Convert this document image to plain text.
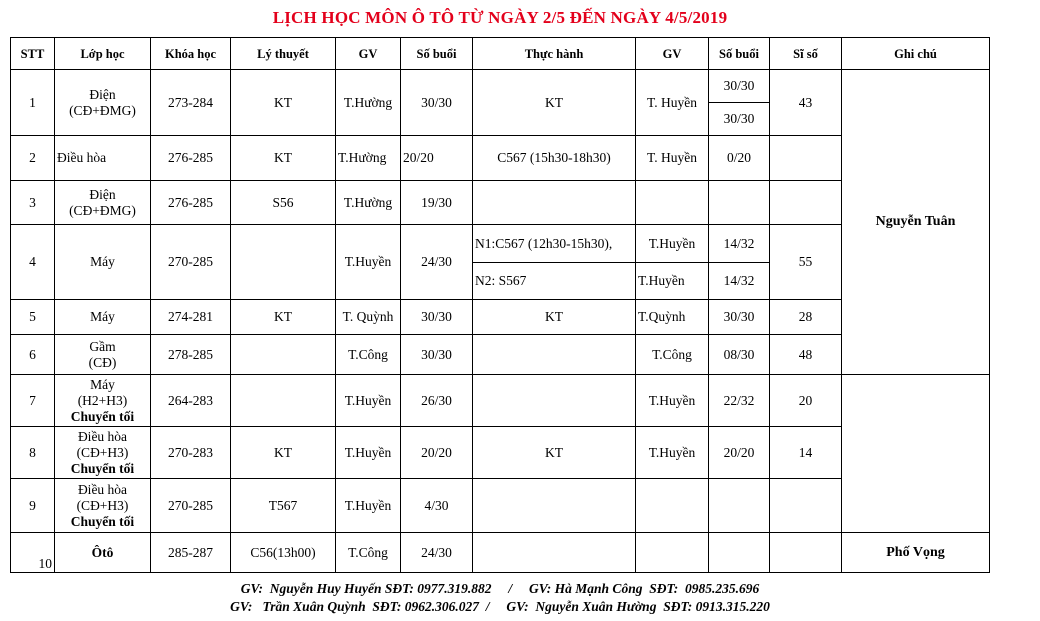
LỊCH HỌC MÔN Ô TÔ TỪ NGÀY 2/5 ĐẾN NGÀY 4/5/2019
STT	Lớp học	Khóa học	Lý thuyết	GV	Số buổi	Thực hành	GV	Số buổi	Sĩ số	Ghi chú	
1	Điện
(CĐ+ĐMG)	273-284	KT	T.Hường	30/30	KT	T. Huyền	30/30	43	Nguyễn Tuân	
								30/30			
2	Điều hòa	276-285	KT	T.Hường	20/20	C567 (15h30-18h30)	T. Huyền	0/20			
3	Điện
(CĐ+ĐMG)	276-285	S56	T.Hường	19/30						
4	Máy	270-285		T.Huyền	24/30	N1:C567 (12h30-15h30),	T.Huyền	14/32	55		
						N2: S567	T.Huyền	14/32			
5	Máy	274-281	KT	T. Quỳnh	30/30	KT	T.Quỳnh	30/30	28	
6	Gầm
(CĐ)	278-285		T.Công	30/30		T.Công	08/30	48		
7	Máy
(H2+H3)
Chuyển tối	264-283		T.Huyền	26/30		T.Huyền	22/32	20		
8	Điều hòa
(CĐ+H3)
Chuyển tối	270-283	KT	T.Huyền	20/20	KT	T.Huyền	20/20	14		
9	Điều hòa
(CĐ+H3)
Chuyển tối	270-285	T567	T.Huyền	4/30						
10	Ôtô	285-287	C56(13h00)	T.Công	24/30					Phố Vọng	
GV:  Nguyễn Huy Huyến SĐT: 0977.319.882     /     GV: Hà Mạnh Công  SĐT:  0985.235.696
GV:   Trần Xuân Quỳnh  SĐT: 0962.306.027  /     GV:  Nguyễn Xuân Hường  SĐT: 0913.315.220
